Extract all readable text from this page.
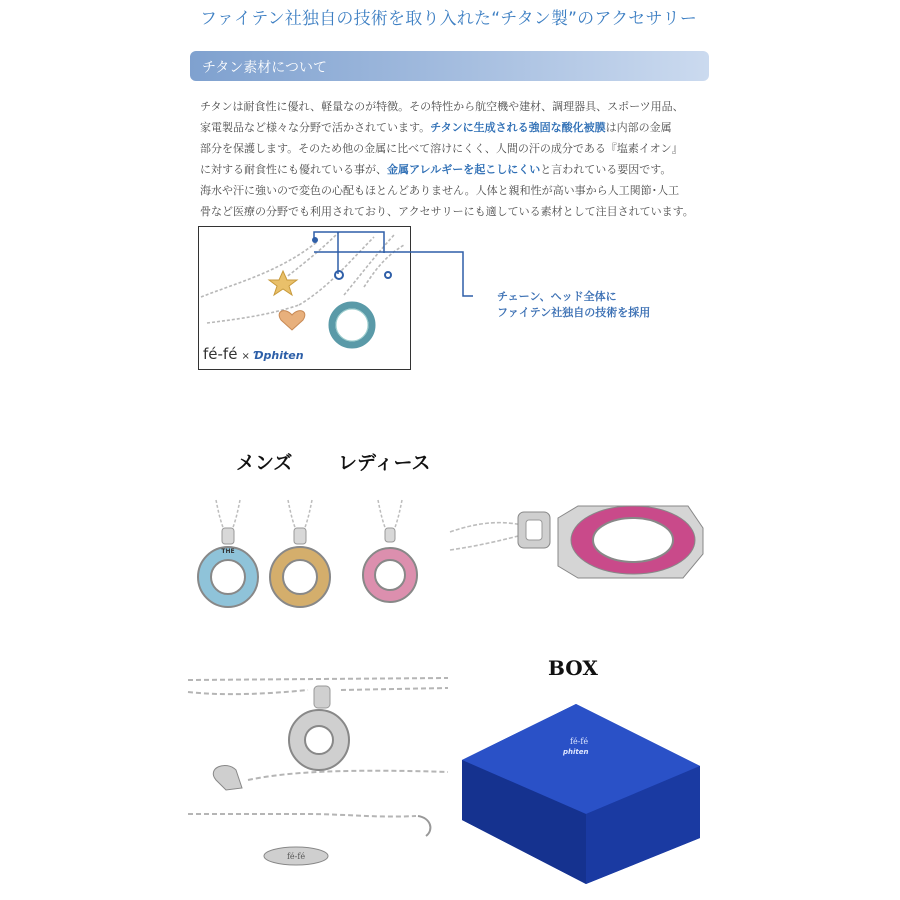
ファイテン社独自の技術を取り入れた“チタン製”のアクセサリー
チタン素材について
チタンは耐食性に優れ、軽量なのが特徴。その特性から航空機や建材、調理器具、スポーツ用品、
家電製品など様々な分野で活かされています。チタンに生成される強固な酸化被膜は内部の金属
部分を保護します。そのため他の金属に比べて溶けにくく、人間の汗の成分である『塩素イオン』
に対する耐食性にも優れている事が、金属アレルギーを起こしにくいと言われている要因です。
海水や汗に強いので変色の心配もほとんどありません。人体と親和性が高い事から人工関節･人工
骨など医療の分野でも利用されており、アクセサリーにも適している素材として注目されています。
fé-fé × Ɗphiten
チェーン、ヘッド全体に
ファイテン社独自の技術を採用
メンズ レディース
THE
fé-fé
BOX
fé-fé
phiten
